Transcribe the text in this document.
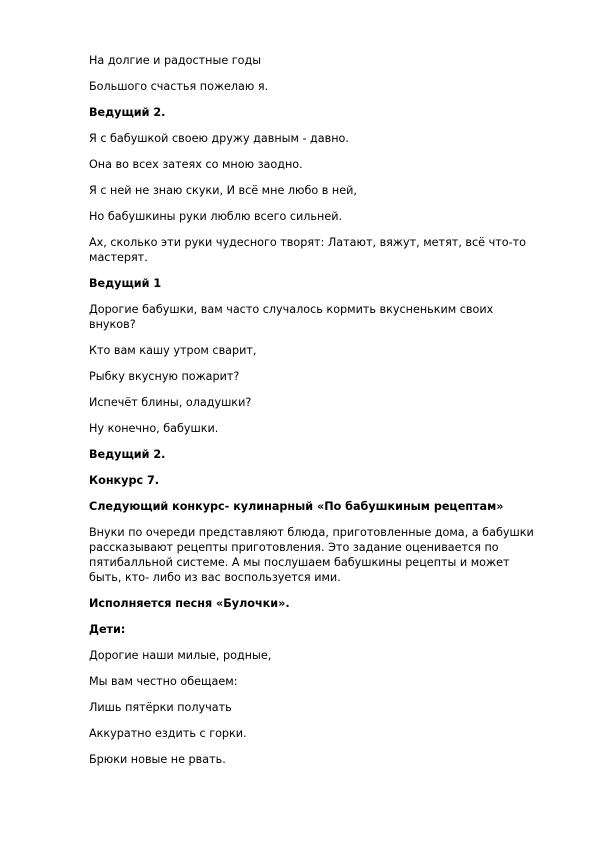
На долгие и радостные годы

Большого счастья пожелаю я.

Ведущий 2.

Я с бабушкой своею дружу давным - давно.

Она во всех затеях со мною заодно.

Я с ней не знаю скуки, И всё мне любо в ней,

Но бабушкины руки люблю всего сильней.

Ах, сколько эти руки чудесного творят: Латают, вяжут, метят, всё что-то мастерят.

Ведущий 1

Дорогие бабушки, вам часто случалось кормить вкусненьким своих внуков?

Кто вам кашу утром сварит,

Рыбку вкусную пожарит?

Испечёт блины, оладушки?

Ну конечно, бабушки.

Ведущий 2.

Конкурс 7.

Следующий конкурс- кулинарный «По бабушкиным рецептам»

Внуки по очереди представляют блюда, приготовленные дома, а бабушки рассказывают рецепты приготовления. Это задание оценивается по пятибалльной системе. А мы послушаем бабушкины рецепты и может быть, кто- либо из вас воспользуется ими.

Исполняется песня «Булочки».

Дети:

Дорогие наши милые, родные,

Мы вам честно обещаем:

Лишь пятёрки получать

Аккуратно ездить с горки.

Брюки новые не рвать.
